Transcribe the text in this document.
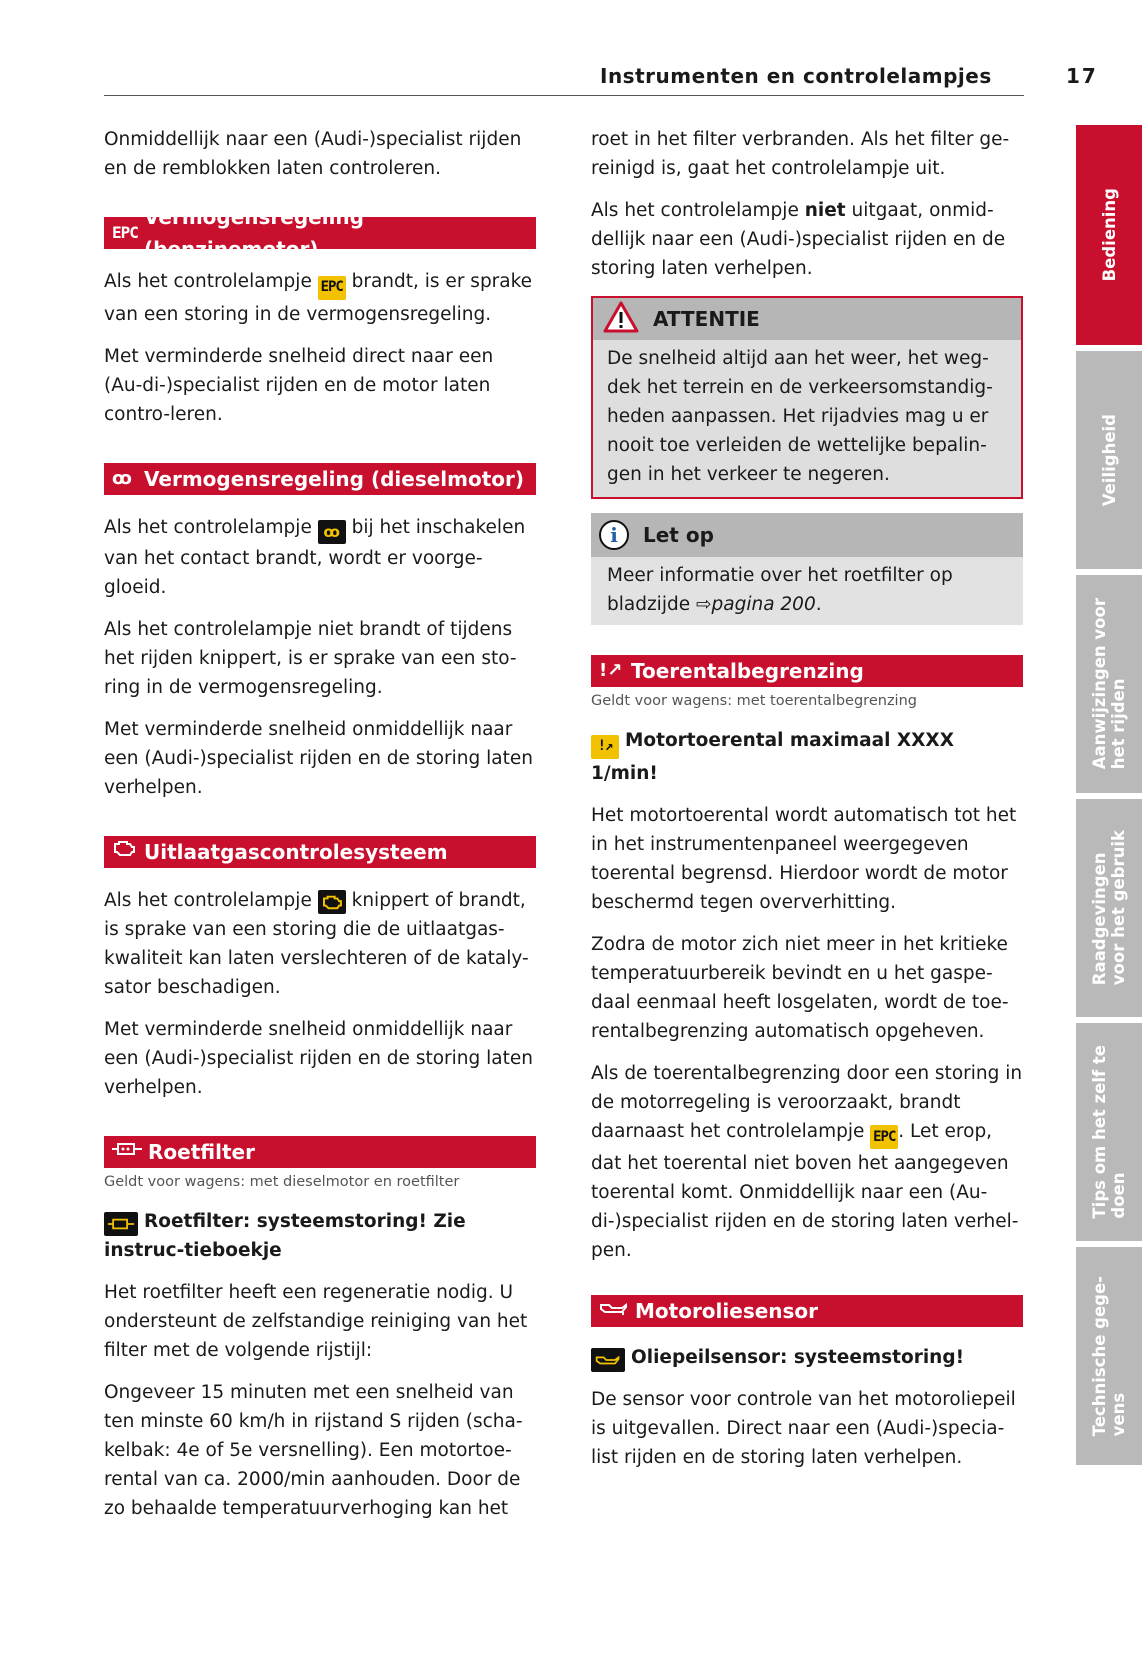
Instrumenten en controlelampjes	17

Onmiddellijk naar een (Audi-)specialist rijden en de remblokken laten controleren.

EPC
Vermogensregeling (benzinemotor)

Als het controlelampje EPC brandt, is er sprake van een storing in de vermogensregeling.

Met verminderde snelheid direct naar een (Au-di-)specialist rijden en de motor laten contro-leren.

ꝏ Vermogensregeling (dieselmotor)

Als het controlelampje ꝏ bij het inschakelen van het contact brandt, wordt er voorge-gloeid.

Als het controlelampje niet brandt of tijdens het rijden knippert, is er sprake van een sto-ring in de vermogensregeling.

Met verminderde snelheid onmiddellijk naar een (Audi-)specialist rijden en de storing laten verhelpen.

Uitlaatgascontrolesysteem

Als het controlelampje knippert of brandt, is sprake van een storing die de uitlaatgas-kwaliteit kan laten verslechteren of de kataly-sator beschadigen.

Met verminderde snelheid onmiddellijk naar een (Audi-)specialist rijden en de storing laten verhelpen.

Roetfilter
Geldt voor wagens: met dieselmotor en roetfilter
Roetfilter: systeemstoring! Zie instruc-tieboekje

Het roetfilter heeft een regeneratie nodig. U ondersteunt de zelfstandige reiniging van het filter met de volgende rijstijl:

Ongeveer 15 minuten met een snelheid van ten minste 60 km/h in rijstand S rijden (scha-kelbak: 4e of 5e versnelling). Een motortoe-rental van ca. 2000/min aanhouden. Door de zo behaalde temperatuurverhoging kan het

roet in het filter verbranden. Als het filter ge-reinigd is, gaat het controlelampje uit.

Als het controlelampje niet uitgaat, onmid-dellijk naar een (Audi-)specialist rijden en de storing laten verhelpen.

ATTENTIE
De snelheid altijd aan het weer, het weg-dek het terrein en de verkeersomstandig-heden aanpassen. Het rijadvies mag u er nooit toe verleiden de wettelijke bepalin-gen in het verkeer te negeren.
i	Let op
Meer informatie over het roetfilter op bladzijde ⇨pagina 200.
!↗ Toerentalbegrenzing
Geldt voor wagens: met toerentalbegrenzing
!↗ Motortoerental maximaal XXXX 1/min!

Het motortoerental wordt automatisch tot het in het instrumentenpaneel weergegeven toerental begrensd. Hierdoor wordt de motor beschermd tegen oververhitting.

Zodra de motor zich niet meer in het kritieke temperatuurbereik bevindt en u het gaspe-daal eenmaal heeft losgelaten, wordt de toe-rentalbegrenzing automatisch opgeheven.

Als de toerentalbegrenzing door een storing in de motorregeling is veroorzaakt, brandt daarnaast het controlelampje EPC . Let erop, dat het toerental niet boven het aangegeven toerental komt. Onmiddellijk naar een (Au-di-)specialist rijden en de storing laten verhel-pen.

Motoroliesensor
Oliepeilsensor: systeemstoring!

De sensor voor controle van het motoroliepeil is uitgevallen. Direct naar een (Audi-)specia-list rijden en de storing laten verhelpen.

Bediening
Veiligheid
Aanwijzingen voor
het rijden
Raadgevingen
voor het gebruik
Tips om het zelf te
doen
Technische gege-
vens
